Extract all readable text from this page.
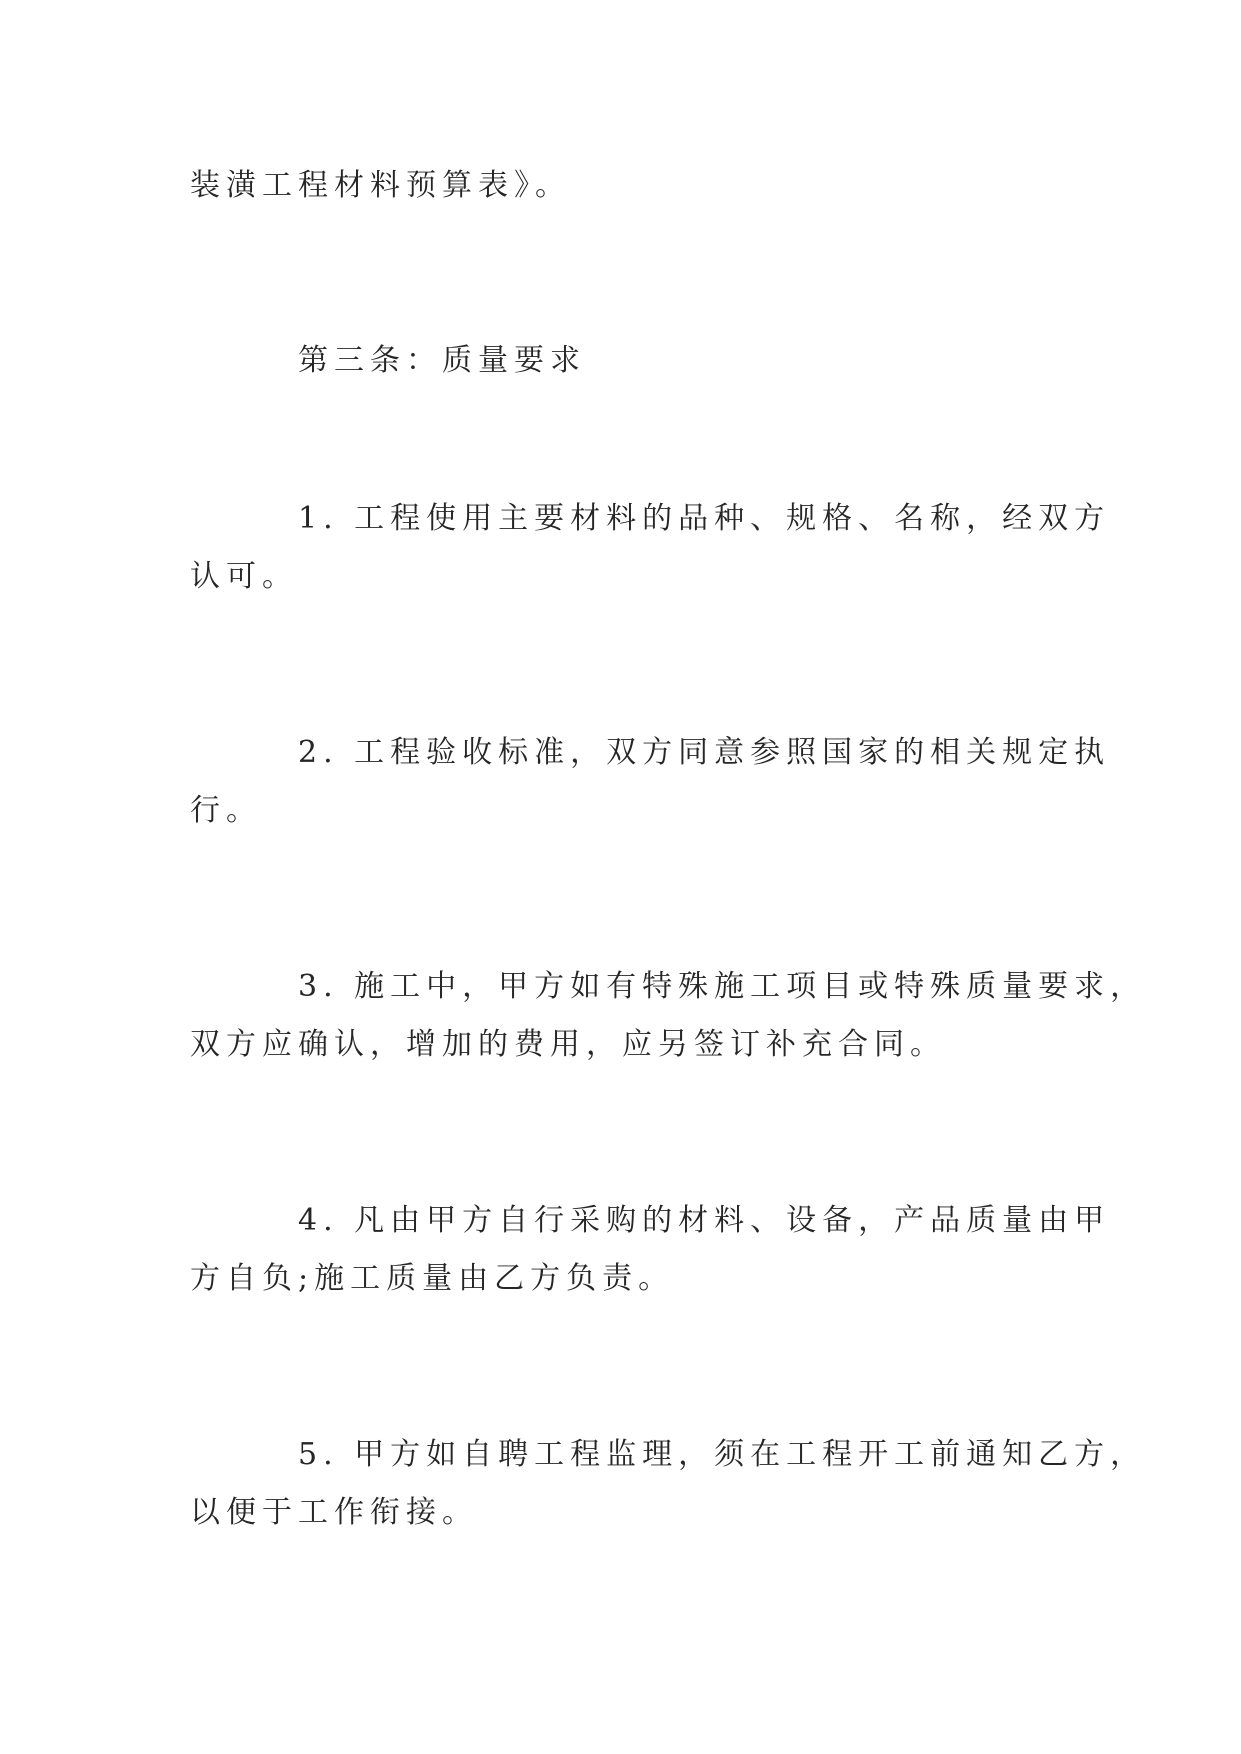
装潢工程材料预算表》。
第三条：质量要求
1. 工程使用主要材料的品种、规格、名称，经双方
认可。
2. 工程验收标准，双方同意参照国家的相关规定执
行。
3. 施工中，甲方如有特殊施工项目或特殊质量要求，
双方应确认，增加的费用，应另签订补充合同。
4. 凡由甲方自行采购的材料、设备，产品质量由甲
方自负;施工质量由乙方负责。
5. 甲方如自聘工程监理，须在工程开工前通知乙方，
以便于工作衔接。
